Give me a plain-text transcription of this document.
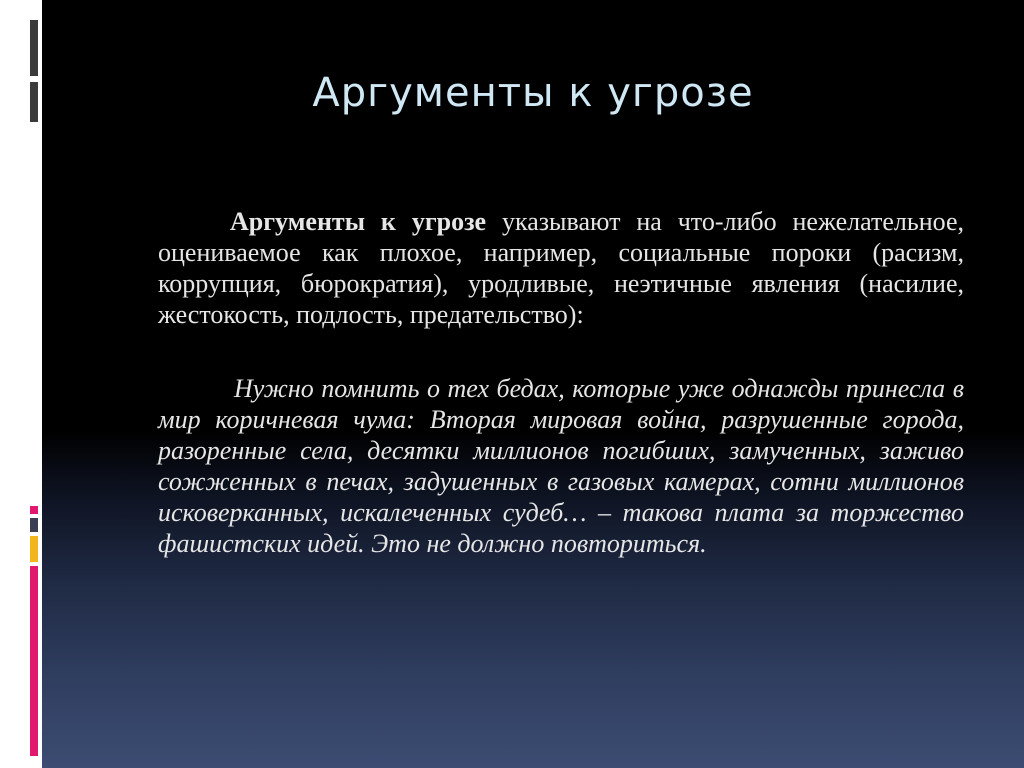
Аргументы к угрозе

Аргументы к угрозе указывают на что-либо нежелательное, оцениваемое как плохое, например, социальные пороки (расизм, коррупция, бюрократия), уродливые, неэтичные явления (насилие, жестокость, подлость, предательство):

Нужно помнить о тех бедах, которые уже однажды принесла в мир коричневая чума: Вторая мировая война, разрушенные города, разоренные села, десятки миллионов погибших, замученных, заживо сожженных в печах, задушенных в газовых камерах, сотни миллионов исковерканных, искалеченных судеб… – такова плата за торжество фашистских идей. Это не должно повториться.
